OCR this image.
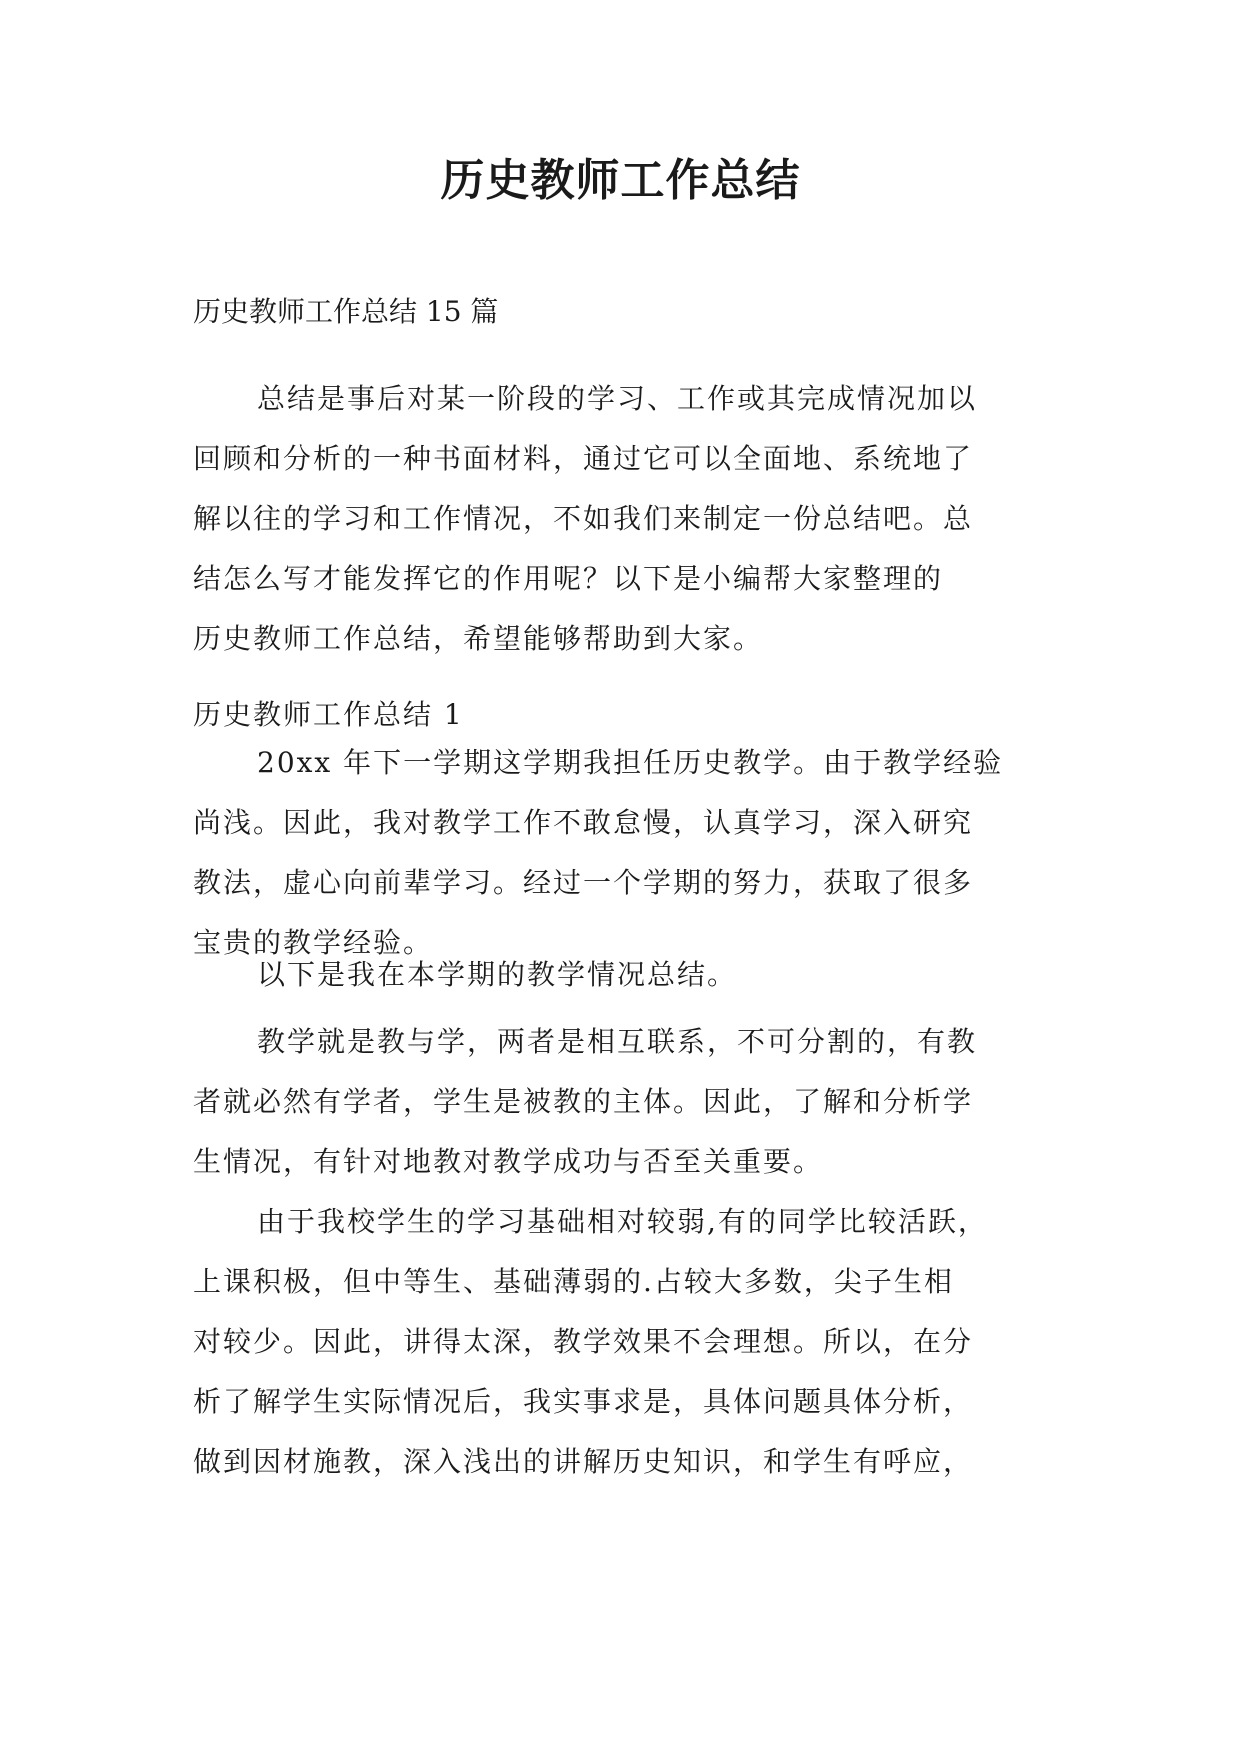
历史教师工作总结
历史教师工作总结 15 篇
总结是事后对某一阶段的学习、工作或其完成情况加以
回顾和分析的一种书面材料，通过它可以全面地、系统地了
解以往的学习和工作情况，不如我们来制定一份总结吧。总
结怎么写才能发挥它的作用呢？以下是小编帮大家整理的
历史教师工作总结，希望能够帮助到大家。
历史教师工作总结 1
20xx 年下一学期这学期我担任历史教学。由于教学经验
尚浅。因此，我对教学工作不敢怠慢，认真学习，深入研究
教法，虚心向前辈学习。经过一个学期的努力，获取了很多
宝贵的教学经验。
以下是我在本学期的教学情况总结。
教学就是教与学，两者是相互联系，不可分割的，有教
者就必然有学者，学生是被教的主体。因此，了解和分析学
生情况，有针对地教对教学成功与否至关重要。
由于我校学生的学习基础相对较弱,有的同学比较活跃，
上课积极，但中等生、基础薄弱的.占较大多数，尖子生相
对较少。因此，讲得太深，教学效果不会理想。所以，在分
析了解学生实际情况后，我实事求是，具体问题具体分析，
做到因材施教，深入浅出的讲解历史知识，和学生有呼应，
